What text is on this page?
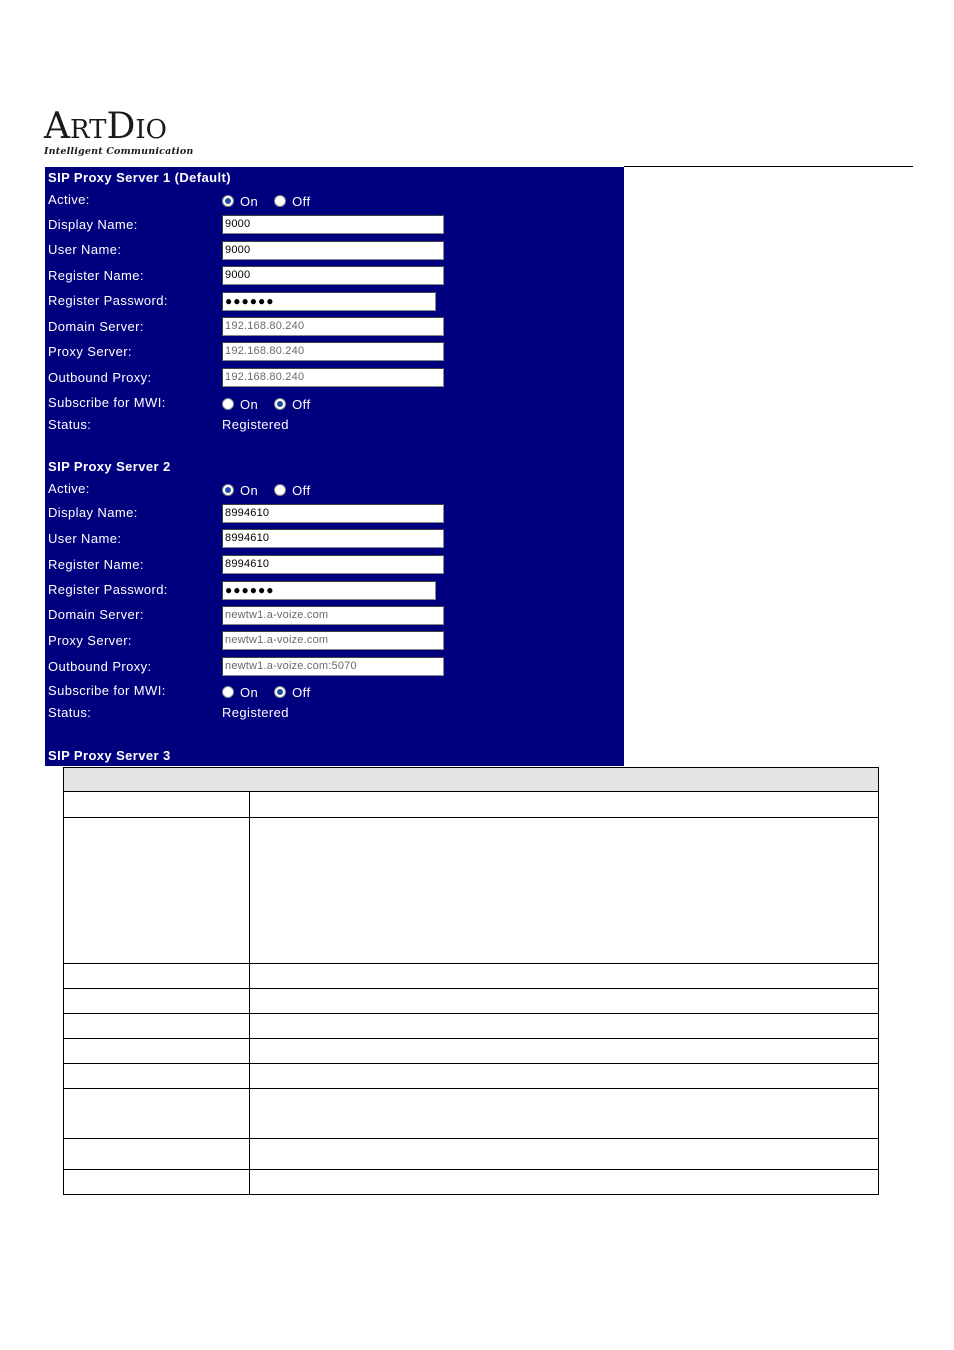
ARTDIO
Intelligent Communication
SIP Proxy Server 1 (Default)
Active:	On	Off
Display Name:	9000
User Name:	9000
Register Name:	9000
Register Password:	●●●●●●
Domain Server:	192.168.80.240
Proxy Server:	192.168.80.240
Outbound Proxy:	192.168.80.240
Subscribe for MWI:	On	Off
Status:	Registered
SIP Proxy Server 2
Active:	On	Off
Display Name:	8994610
User Name:	8994610
Register Name:	8994610
Register Password:	●●●●●●
Domain Server:	newtw1.a-voize.com
Proxy Server:	newtw1.a-voize.com
Outbound Proxy:	newtw1.a-voize.com:5070
Subscribe for MWI:	On	Off
Status:	Registered
SIP Proxy Server 3
